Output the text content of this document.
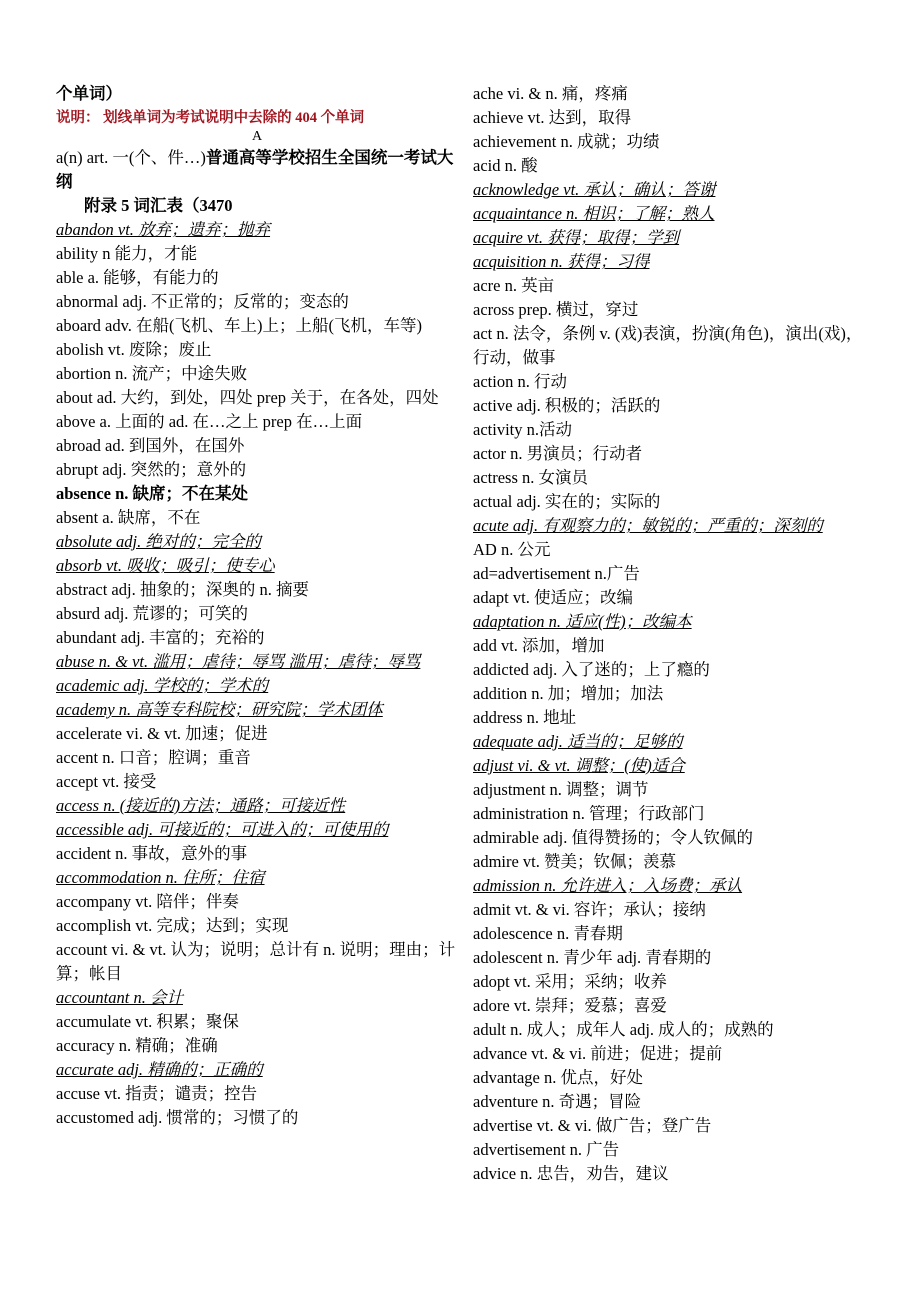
个单词）
说明： 划线单词为考试说明中去除的 404 个单词
A
a(n) art. 一(个、件…)普通高等学校招生全国统一考试大纲
附录 5 词汇表（3470
abandon vt. 放弃；遗弃；抛弃
ability n 能力，才能
able a. 能够，有能力的
abnormal adj. 不正常的；反常的；变态的
aboard adv. 在船(飞机、车上)上；上船(飞机，车等)
abolish vt. 废除；废止
abortion n. 流产；中途失败
about ad. 大约，到处，四处 prep 关于，在各处，四处
above a. 上面的 ad. 在…之上 prep 在…上面
abroad ad. 到国外，在国外
abrupt adj. 突然的；意外的
absence n. 缺席；不在某处
absent a. 缺席，不在
absolute adj. 绝对的；完全的
absorb vt. 吸收；吸引；使专心
abstract adj. 抽象的；深奥的 n. 摘要
absurd adj. 荒谬的；可笑的
abundant adj. 丰富的；充裕的
abuse n. & vt. 滥用；虐待；辱骂 滥用；虐待；辱骂
academic adj. 学校的；学术的
academy n. 高等专科院校；研究院；学术团体
accelerate vi. & vt. 加速；促进
accent n. 口音；腔调；重音
accept vt. 接受
access n. (接近的)方法；通路；可接近性
accessible adj. 可接近的；可进入的；可使用的
accident n. 事故，意外的事
accommodation n. 住所；住宿
accompany vt. 陪伴；伴奏
accomplish vt. 完成；达到；实现
account vi. & vt. 认为；说明；总计有 n. 说明；理由；计算；帐目
accountant n. 会计
accumulate vt. 积累；聚保
accuracy n. 精确；准确
accurate adj. 精确的；正确的
accuse vt. 指责；谴责；控告
accustomed adj. 惯常的；习惯了的
ache vi. & n. 痛，疼痛
achieve vt. 达到，取得
achievement n. 成就；功绩
acid n. 酸
acknowledge vt. 承认；确认；答谢
acquaintance n. 相识；了解；熟人
acquire vt. 获得；取得；学到
acquisition n. 获得；习得
acre n. 英亩
across prep. 横过，穿过
act n. 法令，条例 v. (戏)表演，扮演(角色)，演出(戏)，行动，做事
action n. 行动
active adj. 积极的；活跃的
activity n.活动
actor n. 男演员；行动者
actress n. 女演员
actual adj. 实在的；实际的
acute adj. 有观察力的；敏锐的；严重的；深刻的
AD n. 公元
ad=advertisement n.广告
adapt vt. 使适应；改编
adaptation n. 适应(性)；改编本
add vt. 添加，增加
addicted adj. 入了迷的；上了瘾的
addition n. 加；增加；加法
address n. 地址
adequate adj. 适当的；足够的
adjust vi. & vt. 调整；(使)适合
adjustment n. 调整；调节
administration n. 管理；行政部门
admirable adj. 值得赞扬的；令人钦佩的
admire vt. 赞美；钦佩；羡慕
admission n. 允许进入；入场费；承认
admit vt. & vi. 容许；承认；接纳
adolescence n. 青春期
adolescent n. 青少年 adj. 青春期的
adopt vt. 采用；采纳；收养
adore vt. 崇拜；爱慕；喜爱
adult n. 成人；成年人 adj. 成人的；成熟的
advance vt. & vi. 前进；促进；提前
advantage n. 优点，好处
adventure n. 奇遇；冒险
advertise vt. & vi. 做广告；登广告
advertisement n. 广告
advice n. 忠告，劝告，建议
